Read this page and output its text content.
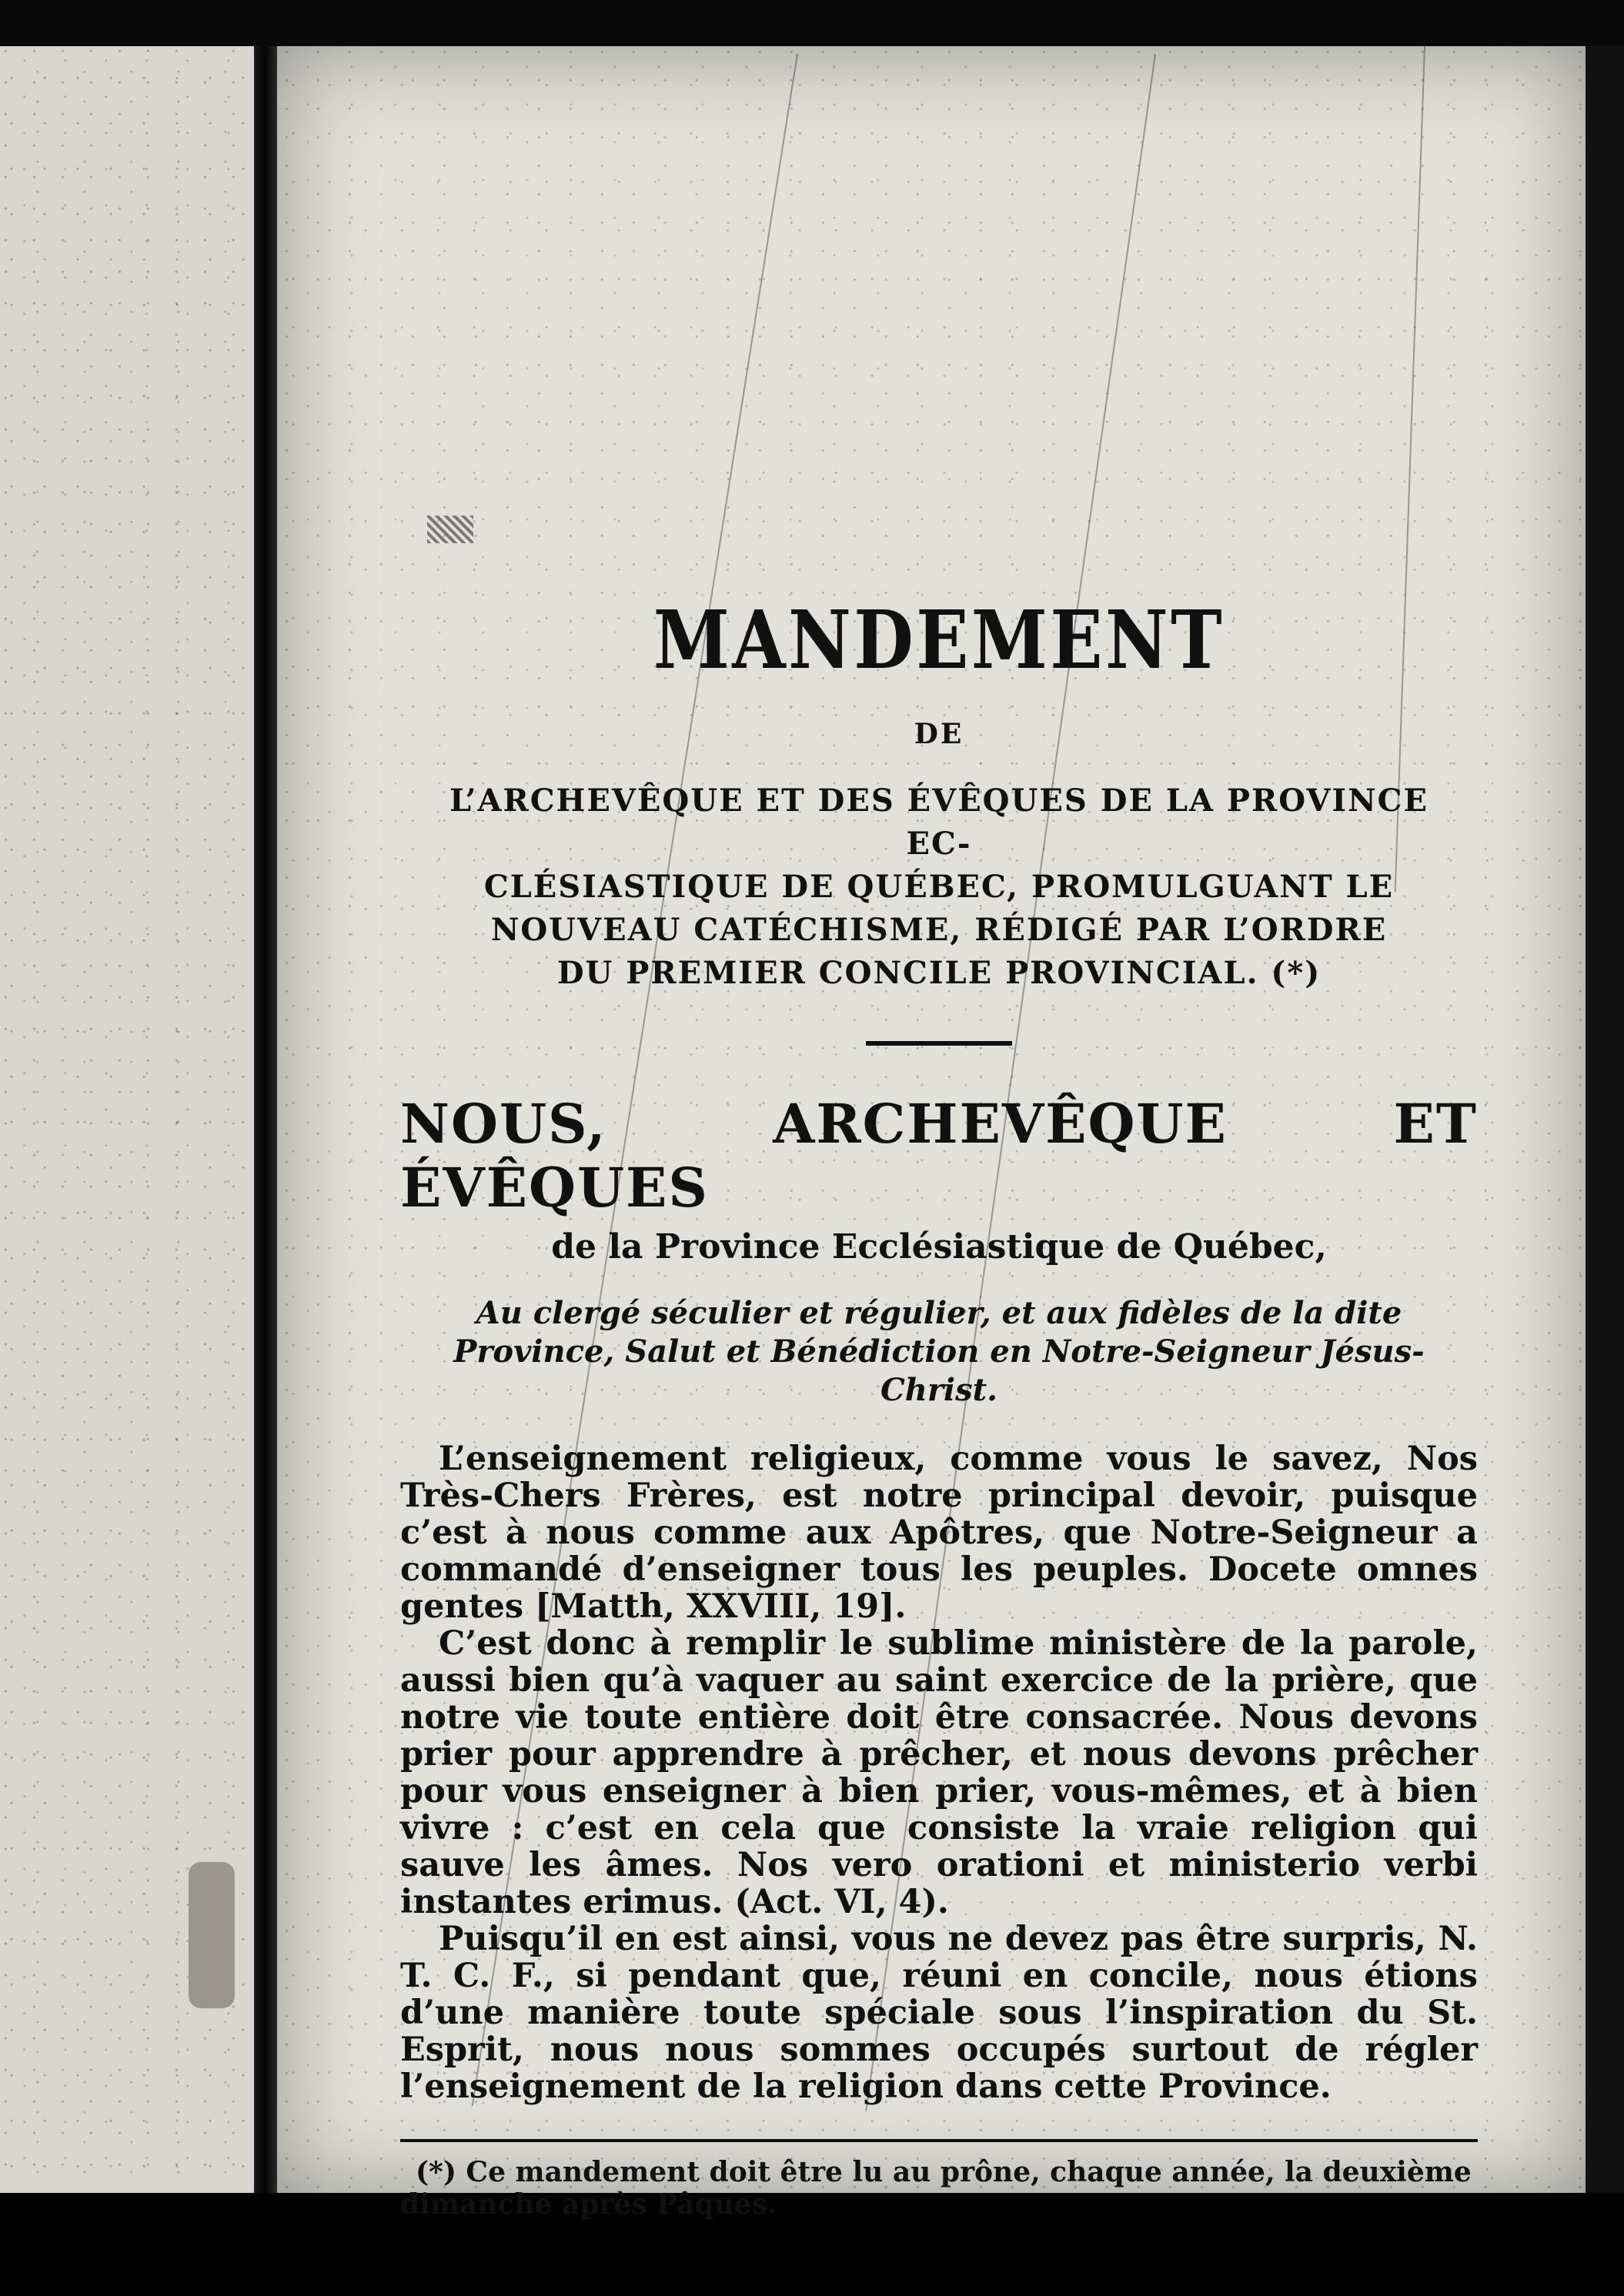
MANDEMENT
DE
L’ARCHEVÊQUE ET DES ÉVÊQUES DE LA PROVINCE EC-
CLÉSIASTIQUE DE QUÉBEC, PROMULGUANT LE
NOUVEAU CATÉCHISME, RÉDIGÉ PAR L’ORDRE
DU PREMIER CONCILE PROVINCIAL. (*)
NOUS, ARCHEVÊQUE ET ÉVÊQUES
de la Province Ecclésiastique de Québec,
Au clergé séculier et régulier, et aux fidèles de la dite Province, Salut et Bénédiction en Notre-Seigneur Jésus-Christ.

L’enseignement religieux, comme vous le savez, Nos Très-Chers Frères, est notre principal devoir, puisque c’est à nous comme aux Apôtres, que Notre-Seigneur a commandé d’enseigner tous les peuples. Docete omnes gentes [Matth, XXVIII, 19].

C’est donc à remplir le sublime ministère de la parole, aussi bien qu’à vaquer au saint exercice de la prière, que notre vie toute entière doit être consacrée. Nous devons prier pour apprendre à prêcher, et nous devons prêcher pour vous enseigner à bien prier, vous-mêmes, et à bien vivre : c’est en cela que consiste la vraie religion qui sauve les âmes. Nos vero orationi et ministerio verbi instantes erimus. (Act. VI, 4).

Puisqu’il en est ainsi, vous ne devez pas être surpris, N. T. C. F., si pendant que, réuni en concile, nous étions d’une manière toute spéciale sous l’inspiration du St. Esprit, nous nous sommes occupés surtout de régler l’enseignement de la religion dans cette Province.

(*) Ce mandement doit être lu au prône, chaque année, la deuxième dimanche après Pâques.
